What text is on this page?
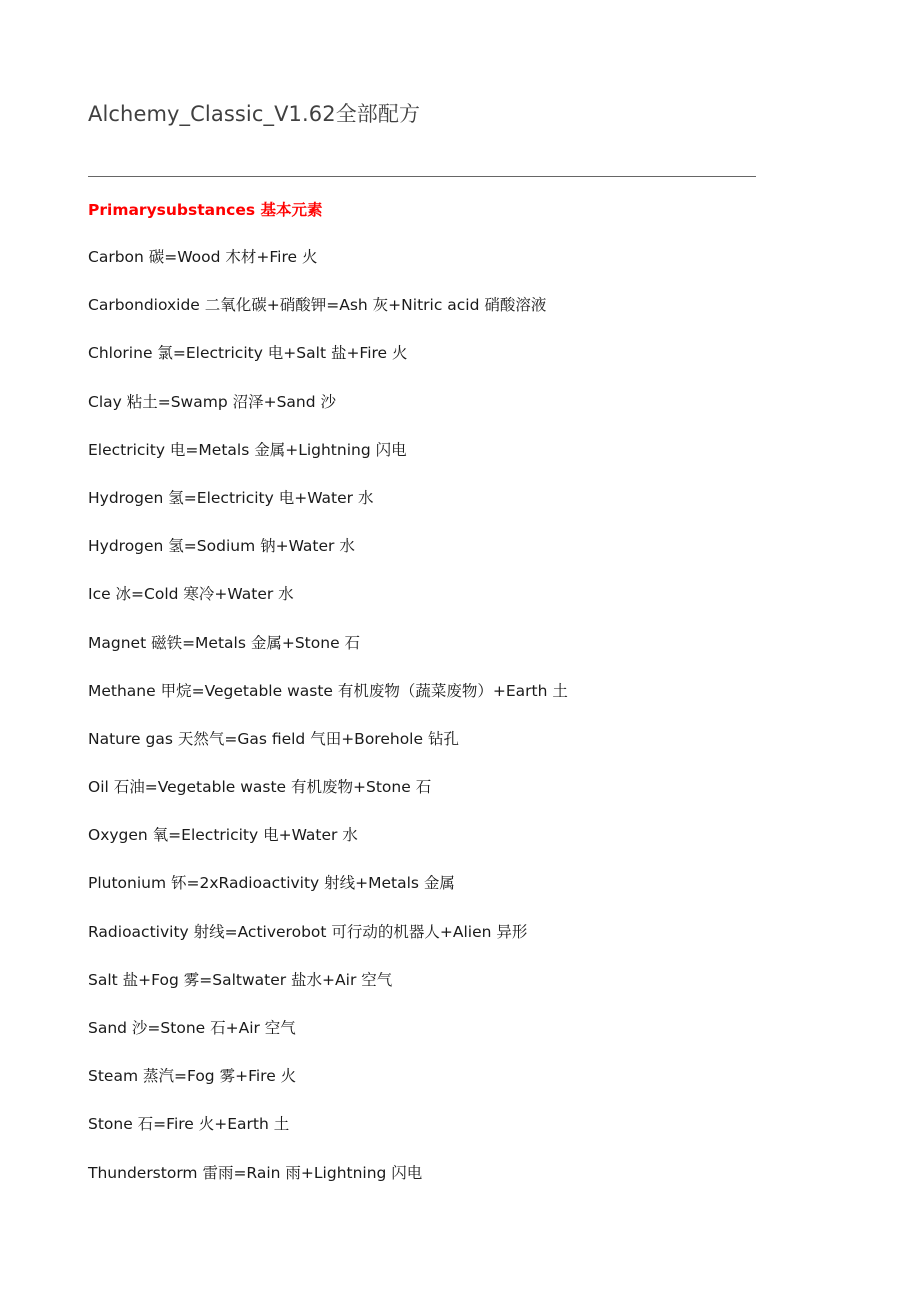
Alchemy_Classic_V1.62全部配方
Primarysubstances 基本元素
Carbon 碳=Wood 木材+Fire 火
Carbondioxide 二氧化碳+硝酸钾=Ash 灰+Nitric acid 硝酸溶液
Chlorine 氯=Electricity 电+Salt 盐+Fire 火
Clay 粘土=Swamp 沼泽+Sand 沙
Electricity 电=Metals 金属+Lightning 闪电
Hydrogen 氢=Electricity 电+Water 水
Hydrogen 氢=Sodium 钠+Water 水
Ice 冰=Cold 寒冷+Water 水
Magnet 磁铁=Metals 金属+Stone 石
Methane 甲烷=Vegetable waste 有机废物（蔬菜废物）+Earth 土
Nature gas 天然气=Gas field 气田+Borehole 钻孔
Oil 石油=Vegetable waste 有机废物+Stone 石
Oxygen 氧=Electricity 电+Water 水
Plutonium 钚=2xRadioactivity 射线+Metals 金属
Radioactivity 射线=Activerobot 可行动的机器人+Alien 异形
Salt 盐+Fog 雾=Saltwater 盐水+Air 空气
Sand 沙=Stone 石+Air 空气
Steam 蒸汽=Fog 雾+Fire 火
Stone 石=Fire 火+Earth 土
Thunderstorm 雷雨=Rain 雨+Lightning 闪电
